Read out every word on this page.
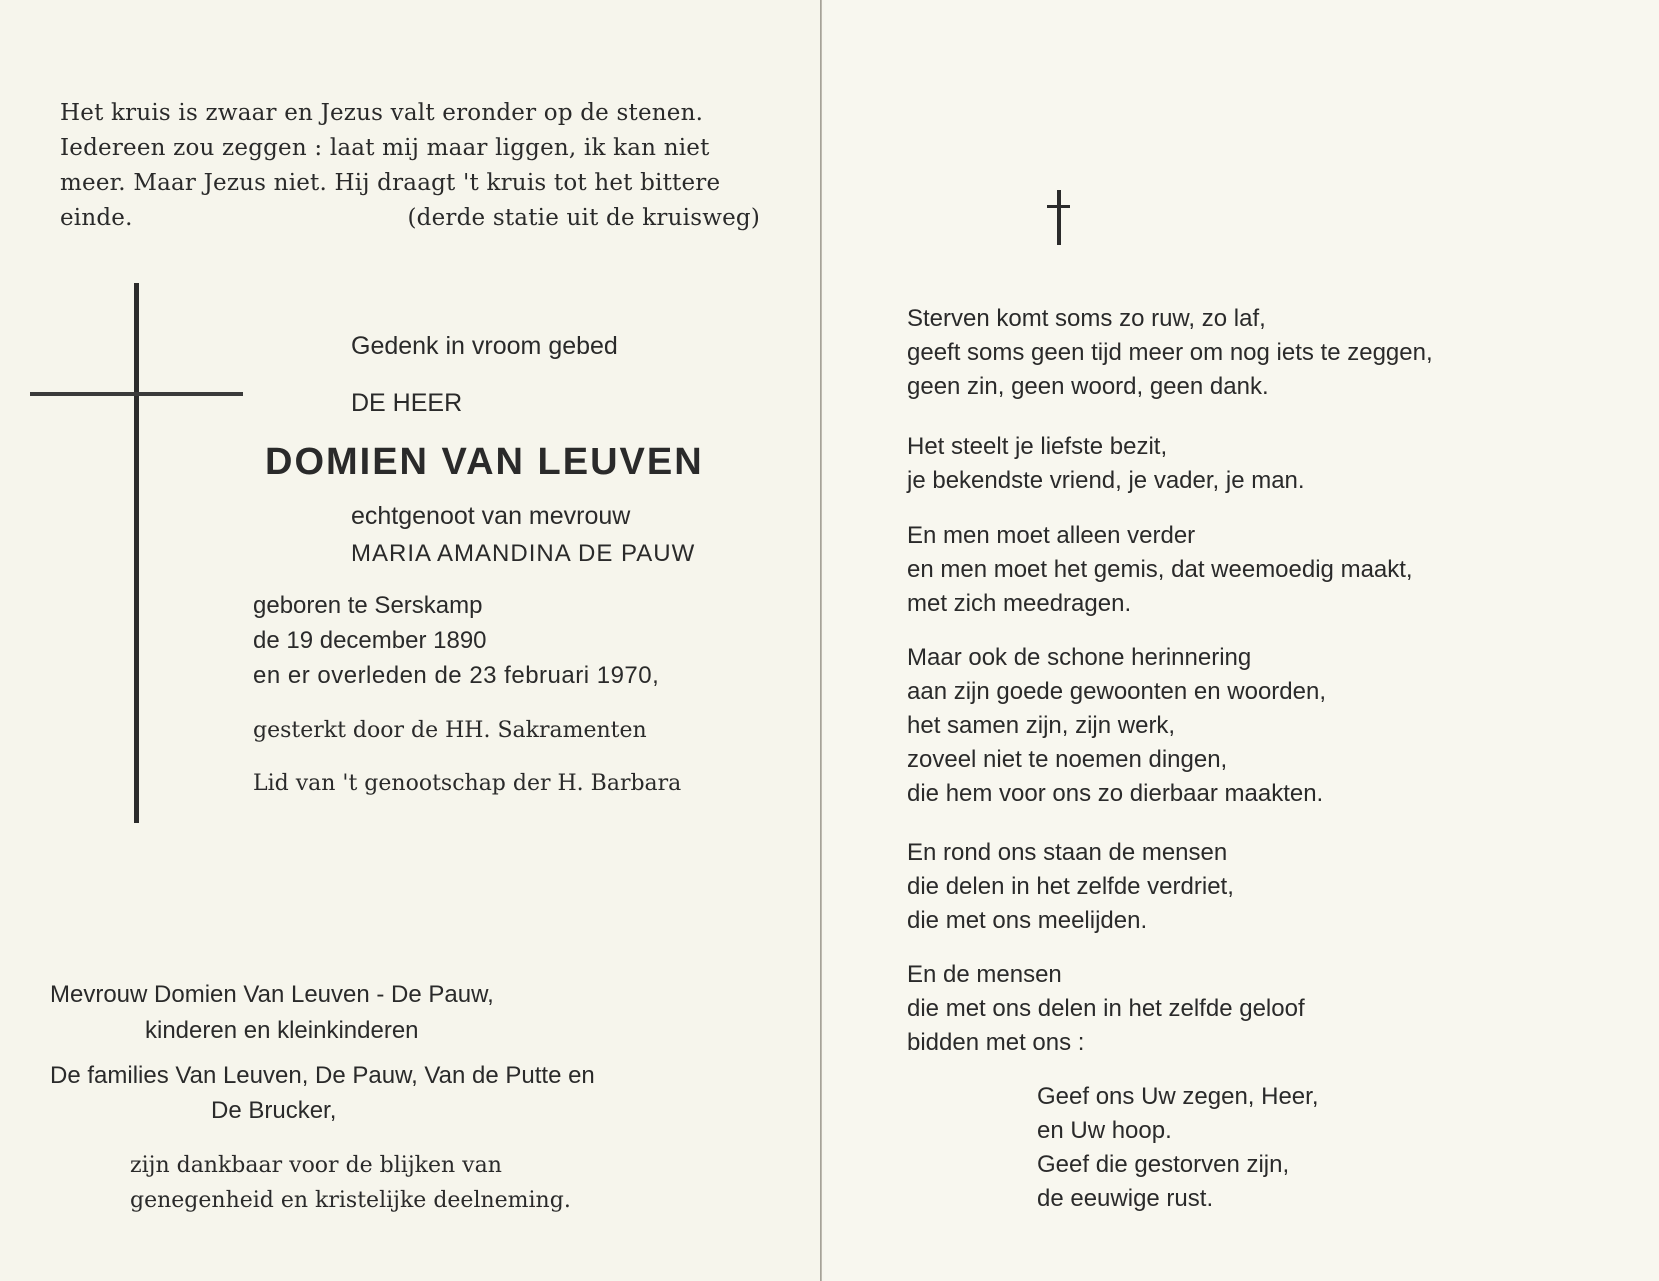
Het kruis is zwaar en Jezus valt eronder op de stenen.
Iedereen zou zeggen : laat mij maar liggen, ik kan niet
meer. Maar Jezus niet. Hij draagt 't kruis tot het bittere
einde.	(derde statie uit de kruisweg)
Gedenk in vroom gebed
DE HEER
DOMIEN VAN LEUVEN
echtgenoot van mevrouw
MARIA AMANDINA DE PAUW
geboren te Serskamp
de 19 december 1890
en er overleden de 23 februari 1970,
gesterkt door de HH. Sakramenten
Lid van 't genootschap der H. Barbara
Mevrouw Domien Van Leuven - De Pauw,
kinderen en kleinkinderen
De families Van Leuven, De Pauw, Van de Putte en
De Brucker,
zijn dankbaar voor de blijken van
genegenheid en kristelijke deelneming.
Sterven komt soms zo ruw, zo laf,
geeft soms geen tijd meer om nog iets te zeggen,
geen zin, geen woord, geen dank.
Het steelt je liefste bezit,
je bekendste vriend, je vader, je man.
En men moet alleen verder
en men moet het gemis, dat weemoedig maakt,
met zich meedragen.
Maar ook de schone herinnering
aan zijn goede gewoonten en woorden,
het samen zijn, zijn werk,
zoveel niet te noemen dingen,
die hem voor ons zo dierbaar maakten.
En rond ons staan de mensen
die delen in het zelfde verdriet,
die met ons meelijden.
En de mensen
die met ons delen in het zelfde geloof
bidden met ons :
Geef ons Uw zegen, Heer,
en Uw hoop.
Geef die gestorven zijn,
de eeuwige rust.
